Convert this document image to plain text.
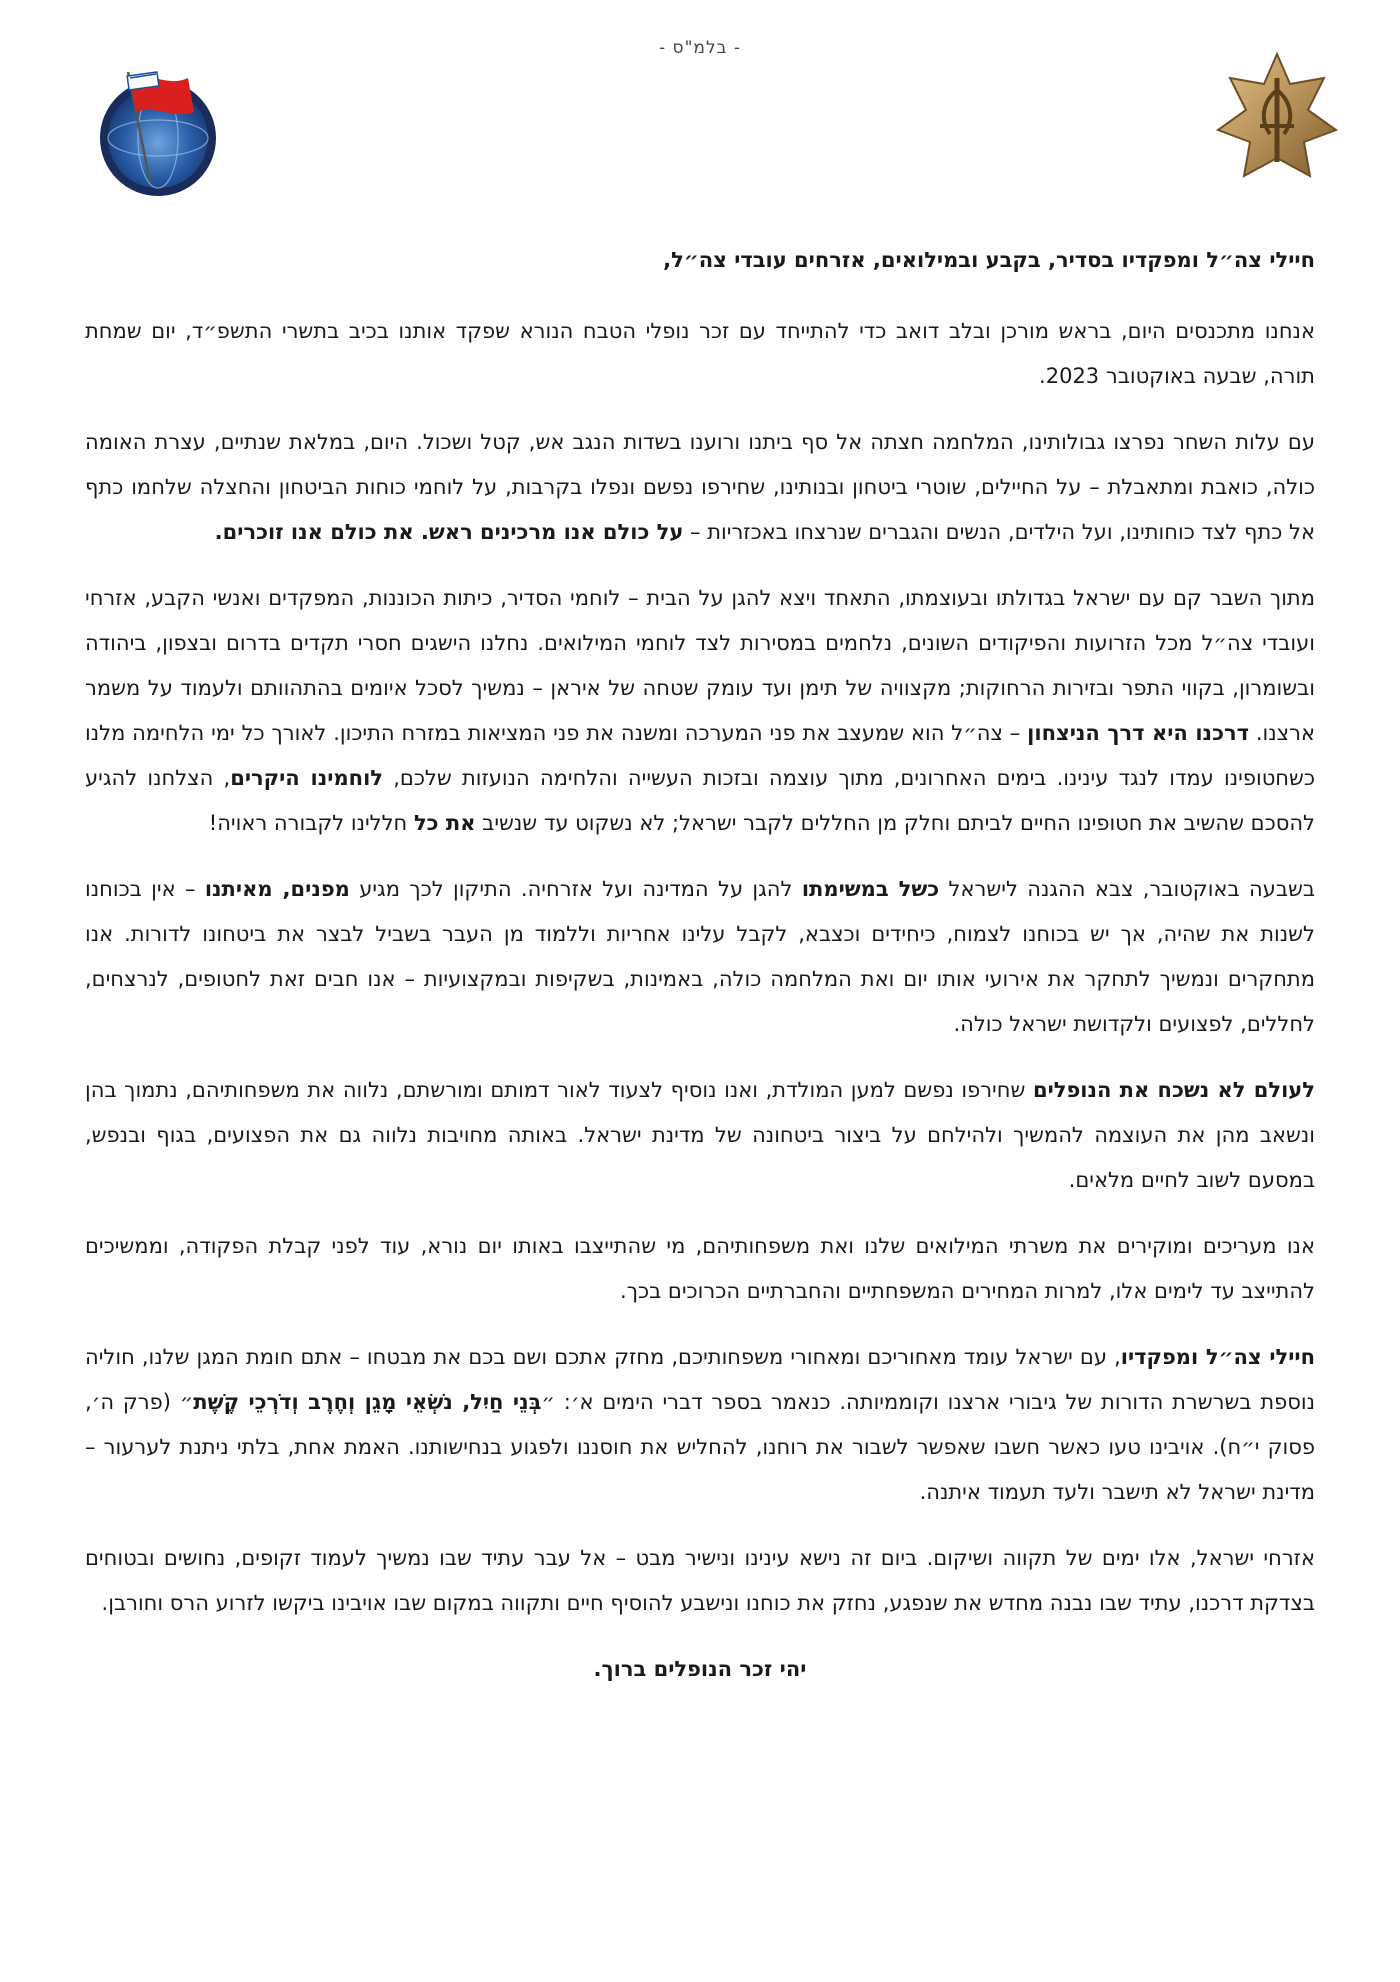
- בלמ"ס -

חיילי צה״ל ומפקדיו בסדיר, בקבע ובמילואים, אזרחים עובדי צה״ל,

אנחנו מתכנסים היום, בראש מורכן ובלב דואב כדי להתייחד עם זכר נופלי הטבח הנורא שפקד אותנו בכיב בתשרי התשפ״ד, יום שמחת תורה, שבעה באוקטובר 2023.

עם עלות השחר נפרצו גבולותינו, המלחמה חצתה אל סף ביתנו ורוענו בשדות הנגב אש, קטל ושכול. היום, במלאת שנתיים, עצרת האומה כולה, כואבת ומתאבלת – על החיילים, שוטרי ביטחון ובנותינו, שחירפו נפשם ונפלו בקרבות, על לוחמי כוחות הביטחון והחצלה שלחמו כתף אל כתף לצד כוחותינו, ועל הילדים, הנשים והגברים שנרצחו באכזריות – על כולם אנו מרכינים ראש. את כולם אנו זוכרים.

מתוך השבר קם עם ישראל בגדולתו ובעוצמתו, התאחד ויצא להגן על הבית – לוחמי הסדיר, כיתות הכוננות, המפקדים ואנשי הקבע, אזרחי ועובדי צה״ל מכל הזרועות והפיקודים השונים, נלחמים במסירות לצד לוחמי המילואים. נחלנו הישגים חסרי תקדים בדרום ובצפון, ביהודה ובשומרון, בקווי התפר ובזירות הרחוקות; מקצוויה של תימן ועד עומק שטחה של איראן – נמשיך לסכל איומים בהתהוותם ולעמוד על משמר ארצנו. דרכנו היא דרך הניצחון – צה״ל הוא שמעצב את פני המערכה ומשנה את פני המציאות במזרח התיכון. לאורך כל ימי הלחימה מלנו כשחטופינו עמדו לנגד עינינו. בימים האחרונים, מתוך עוצמה ובזכות העשייה והלחימה הנועזות שלכם, לוחמינו היקרים, הצלחנו להגיע להסכם שהשיב את חטופינו החיים לביתם וחלק מן החללים לקבר ישראל; לא נשקוט עד שנשיב את כל חללינו לקבורה ראויה!

בשבעה באוקטובר, צבא ההגנה לישראל כשל במשימתו להגן על המדינה ועל אזרחיה. התיקון לכך מגיע מפנים, מאיתנו – אין בכוחנו לשנות את שהיה, אך יש בכוחנו לצמוח, כיחידים וכצבא, לקבל עלינו אחריות וללמוד מן העבר בשביל לבצר את ביטחונו לדורות. אנו מתחקרים ונמשיך לתחקר את אירועי אותו יום ואת המלחמה כולה, באמינות, בשקיפות ובמקצועיות – אנו חבים זאת לחטופים, לנרצחים, לחללים, לפצועים ולקדושת ישראל כולה.

לעולם לא נשכח את הנופלים שחירפו נפשם למען המולדת, ואנו נוסיף לצעוד לאור דמותם ומורשתם, נלווה את משפחותיהם, נתמוך בהן ונשאב מהן את העוצמה להמשיך ולהילחם על ביצור ביטחונה של מדינת ישראל. באותה מחויבות נלווה גם את הפצועים, בגוף ובנפש, במסעם לשוב לחיים מלאים.

אנו מעריכים ומוקירים את משרתי המילואים שלנו ואת משפחותיהם, מי שהתייצבו באותו יום נורא, עוד לפני קבלת הפקודה, וממשיכים להתייצב עד לימים אלו, למרות המחירים המשפחתיים והחברתיים הכרוכים בכך.

חיילי צה״ל ומפקדיו, עם ישראל עומד מאחוריכם ומאחורי משפחותיכם, מחזק אתכם ושם בכם את מבטחו – אתם חומת המגן שלנו, חוליה נוספת בשרשרת הדורות של גיבורי ארצנו וקוממיותה. כנאמר בספר דברי הימים א׳: ״בְּנֵי חַיִל, נֹשְׂאֵי מָגֵן וְחֶרֶב וְדֹרְכֵי קֶשֶׁת״ (פרק ה׳, פסוק י״ח). אויבינו טעו כאשר חשבו שאפשר לשבור את רוחנו, להחליש את חוסננו ולפגוע בנחישותנו. האמת אחת, בלתי ניתנת לערעור – מדינת ישראל לא תישבר ולעד תעמוד איתנה.

אזרחי ישראל, אלו ימים של תקווה ושיקום. ביום זה נישא עינינו ונישיר מבט – אל עבר עתיד שבו נמשיך לעמוד זקופים, נחושים ובטוחים בצדקת דרכנו, עתיד שבו נבנה מחדש את שנפגע, נחזק את כוחנו ונישבע להוסיף חיים ותקווה במקום שבו אויבינו ביקשו לזרוע הרס וחורבן.

יהי זכר הנופלים ברוך.
